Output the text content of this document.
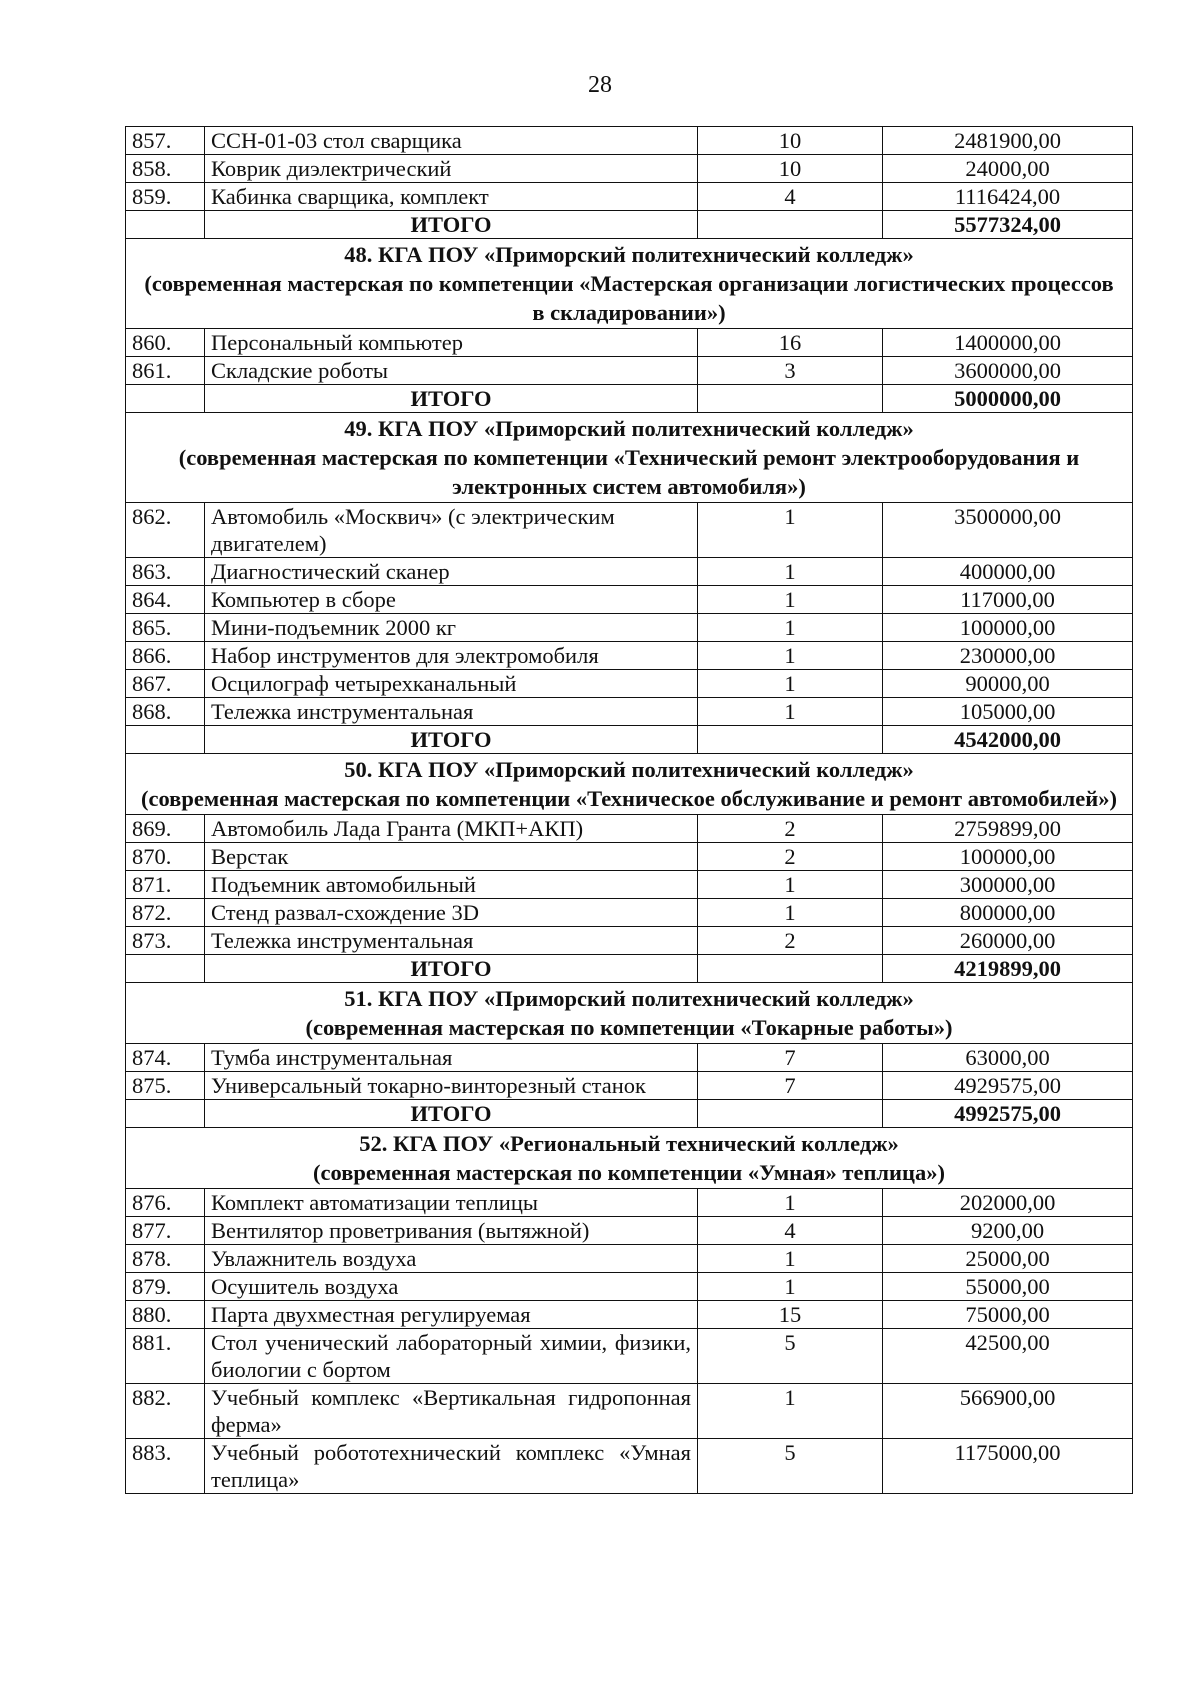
28
857.	ССН-01-03 стол сварщика	10	2481900,00
858.	Коврик диэлектрический	10	24000,00
859.	Кабинка сварщика, комплект	4	1116424,00
	ИТОГО		5577324,00

48. КГА ПОУ «Приморский политехнический колледж»
(современная мастерская по компетенции «Мастерская организации логистических процессов в складировании»)			

860.	Персональный компьютер	16	1400000,00
861.	Складские роботы	3	3600000,00
	ИТОГО		5000000,00

49. КГА ПОУ «Приморский политехнический колледж»
(современная мастерская по компетенции «Технический ремонт электрооборудования и электронных систем автомобиля»)			

862.	Автомобиль «Москвич» (с электрическим двигателем)	1	3500000,00
863.	Диагностический сканер	1	400000,00
864.	Компьютер в сборе	1	117000,00
865.	Мини-подъемник 2000 кг	1	100000,00
866.	Набор инструментов для электромобиля	1	230000,00
867.	Осцилограф четырехканальный	1	90000,00
868.	Тележка инструментальная	1	105000,00
	ИТОГО		4542000,00

50. КГА ПОУ «Приморский политехнический колледж»
(современная мастерская по компетенции «Техническое обслуживание и ремонт автомобилей»)			

869.	Автомобиль Лада Гранта (МКП+АКП)	2	2759899,00
870.	Верстак	2	100000,00
871.	Подъемник автомобильный	1	300000,00
872.	Стенд развал-схождение 3D	1	800000,00
873.	Тележка инструментальная	2	260000,00
	ИТОГО		4219899,00

51. КГА ПОУ «Приморский политехнический колледж»
(современная мастерская по компетенции «Токарные работы»)			

874.	Тумба инструментальная	7	63000,00
875.	Универсальный токарно-винторезный станок	7	4929575,00
	ИТОГО		4992575,00

52. КГА ПОУ «Региональный технический колледж»
(современная мастерская по компетенции «Умная» теплица»)			

876.	Комплект автоматизации теплицы	1	202000,00
877.	Вентилятор проветривания (вытяжной)	4	9200,00
878.	Увлажнитель воздуха	1	25000,00
879.	Осушитель воздуха	1	55000,00
880.	Парта двухместная регулируемая	15	75000,00
881.	Стол ученический лабораторный химии, физики, биологии с бортом	5	42500,00
882.	Учебный комплекс «Вертикальная гидропонная ферма»	1	566900,00
883.	Учебный робототехнический комплекс «Умная теплица»	5	1175000,00
